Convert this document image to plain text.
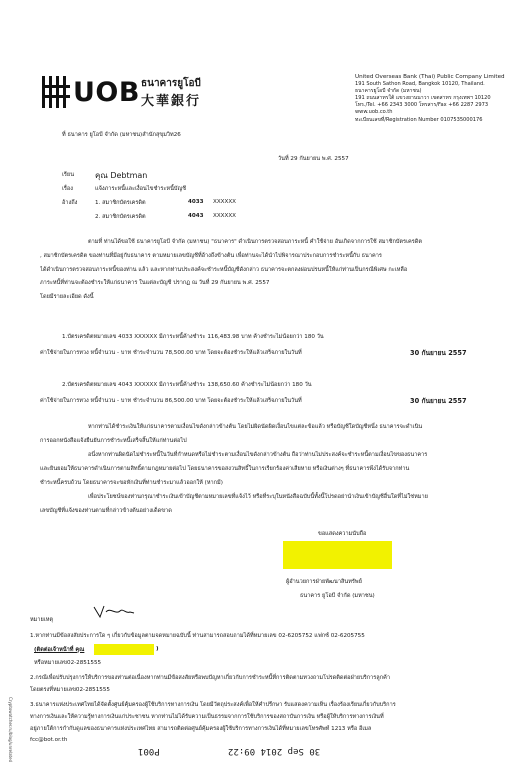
UOB ธนาคารยูโอบี
大華銀行
United Overseas Bank (Thai) Public Company Limited
191 South Sathon Road, Bangkok 10120, Thailand.
ธนาคารยูโอบี จำกัด (มหาชน)
191 ถนนสาทรใต้ แขวงยานนาวา เขตสาทร กรุงเทพฯ 10120
โทร./Tel. +66 2343 3000 โทรสาร/Fax +66 2287 2973
www.uob.co.th
ทะเบียนเลขที่/Registration Number 0107535000176
ที่ ธนาคาร ยูโอบี จำกัด (มหาชน)สำนักสุขุมวิท26
วันที่ 29 กันยายน พ.ศ. 2557
เรียน	คุณ Debtman
เรื่อง	แจ้งภาระหนี้และเงื่อนไขชำระหนี้บัญชี
อ้างถึง	1. สมาชิกบัตรเครดิต	4033 XXXXXX
2. สมาชิกบัตรเครดิต	4043 XXXXXX
ตามที่ ท่านได้ขอใช้ ธนาคารยูโอบี จำกัด (มหาชน) "ธนาคาร" ดำเนินการตรวจสอบภาระหนี้ คำใช้จ่าย อันเกิดจากการใช้ สมาชิกบัตรเครดิต
, สมาชิกบัตรเครดิต ของท่านที่มีอยู่กับธนาคาร ตามหมายเลขบัญชีที่อ้างถึงข้างต้น เพื่อท่านจะได้นำไปพิจารณาประกอบการชำระหนี้กับ ธนาคาร
ได้ดำเนินการตรวจสอบภาระหนี้ของท่าน แล้ว และหากท่านประสงค์จะชำระหนี้บัญชีดังกล่าว ธนาคารจะตกลงผ่อนปรนหนี้ให้แก่ท่านเป็นกรณีพิเศษ กะเหลือ
ภาระหนี้ที่ท่านจะต้องชำระให้แก่ธนาคาร ในแต่ละบัญชี ปรากฏ ณ วันที่ 29 กันยายน พ.ศ. 2557
โดยมีรายละเอียด ดังนี้
1.บัตรเครดิตหมายเลข 4033 XXXXXX มีภาระหนี้ค้างชำระ 116,483.98 บาท ค้างชำระไม่น้อยกว่า 180 วัน
ค่าใช้จ่ายในการทวง หนี้จำนวน - บาท ชำระจำนวน 78,500.00 บาท โดยจะต้องชำระให้แล้วเสร็จภายในวันที่	30 กันยายน 2557
2.บัตรเครดิตหมายเลข 4043 XXXXXX มีภาระหนี้ค้างชำระ 138,650.60 ค้างชำระไม่น้อยกว่า 180 วัน
ค่าใช้จ่ายในการทวง หนี้จำนวน - บาท ชำระจำนวน 86,500.00 บาท โดยจะต้องชำระให้แล้วเสร็จภายในวันที่	30 กันยายน 2557
หากท่านได้ชำระเงินให้แก่ธนาคารตามเงื่อนไขดังกล่าวข้างต้น โดยไม่ผิดนัดผิดเงื่อนไขแต่ละข้อแล้ว หรือบัญชีใดบัญชีหนึ่ง ธนาคารจะดำเนิน
การออกหนังสือแจ้งยืนยันการชำระหนี้เสร็จสิ้นให้แก่ท่านต่อไป
อนึ่งหากท่านผิดนัดไม่ชำระหนี้ในวันที่กำหนดหรือไม่ชำระตามเงื่อนไขดังกล่าวข้างต้น ถือว่าท่านไม่ประสงค์จะชำระหนี้ตามเงื่อนไขของธนาคาร
และยินยอมให้ธนาคารดำเนินการตามสิทธิ์ตามกฎหมายต่อไป โดยธนาคารขอสงวนสิทธิ์ในการเรียกร้องค่าเสียหาย หรือเงินต่างๆ ที่ธนาคารพึงได้รับจากท่าน
ชำระหนี้ครบถ้วน โดยธนาคารจะขอหักเงินที่ท่านชำระมาแล้วออกให้ (หากมี)
เพื่อประโยชน์ของท่านกรุณาชำระเงินเข้าบัญชีตามหมายเลขที่แจ้งไว้ หรือที่ระบุในหนังสือฉบับนี้ทั้งนี้โปรดอย่านำเงินเข้าบัญชีอื่นใดที่ไม่ใช่หมาย
เลขบัญชีที่แจ้งของท่านตามที่กล่าวข้างต้นอย่างเด็ดขาด
ขอแสดงความนับถือ
ผู้อำนวยการฝ่ายพัฒนาสินทรัพย์
ธนาคาร ยูโอบี จำกัด (มหาชน)
หมายเหตุ
1.หากท่านมีข้อสงสัยประการใด ๆ เกี่ยวกับข้อมูลตามจดหมายฉบับนี้ ท่านสามารถสอบถามได้ที่หมายเลข 02-6205752 แฟกซ์ 02-6205755
(ติดต่อเจ้าหน้าที่ คุณ	)
หรือหมายเลข02-2851555
2.กรณีเพื่อปรับปรุงการให้บริการของท่านต่อเนื่องหากท่านมีข้อสงสัยหรือพบปัญหาเกี่ยวกับการชำระหนี้ที่การติดตามทวงถามโปรดติดต่อฝ่ายบริการลูกค้า
โดยตรงที่หมายเลข02-2851555
3.ธนาคารแห่งประเทศไทยได้จัดตั้งศูนย์คุ้มครองผู้ใช้บริการทางการเงิน โดยมีวัตถุประสงค์เพื่อให้คำปรึกษา รับแสดงความเห็น เรื่องร้องเรียนเกี่ยวกับบริการ
ทางการเงินและให้ความรู้ทางการเงินแก่ประชาชน หากท่านไม่ได้รับความเป็นธรรมจากการใช้บริการของสถาบันการเงิน หรือผู้ให้บริการทางการเงินที่
อยู่ภายใต้การกำกับดูแลของธนาคารแห่งประเทศไทย สามารถติดต่อศูนย์คุ้มครองผู้ใช้บริการทางการเงินได้ที่หมายเลขโทรศัพท์ 1213 หรือ อีเมล
fcc@bot.or.th
P001	30 Sep 2014 09:22
Cryptowatcher.ru/blog/unrelated
